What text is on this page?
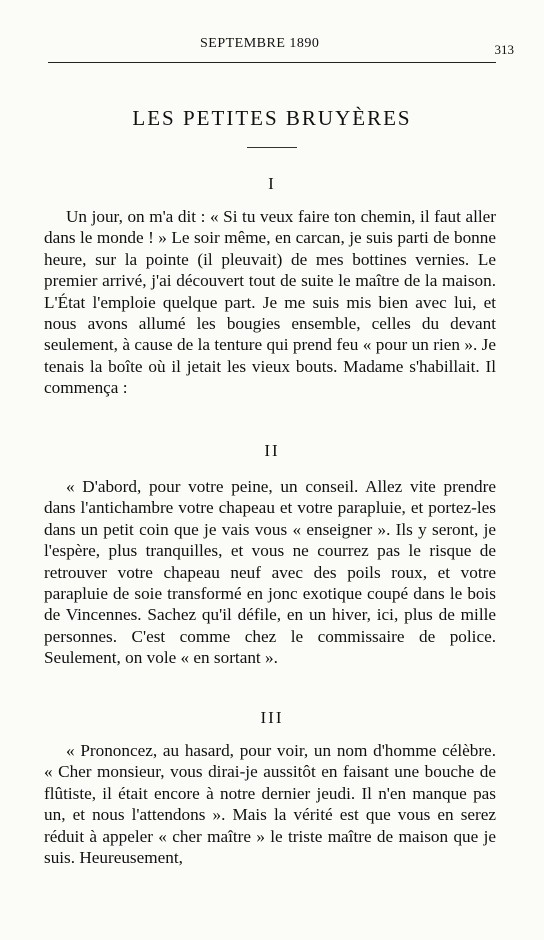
SEPTEMBRE 1890	313
LES PETITES BRUYÈRES
I

Un jour, on m'a dit : « Si tu veux faire ton chemin, il faut aller dans le monde ! » Le soir même, en carcan, je suis parti de bonne heure, sur la pointe (il pleuvait) de mes bottines vernies. Le premier arrivé, j'ai découvert tout de suite le maître de la maison. L'État l'emploie quelque part. Je me suis mis bien avec lui, et nous avons allumé les bougies ensemble, celles du devant seulement, à cause de la tenture qui prend feu « pour un rien ». Je tenais la boîte où il jetait les vieux bouts. Madame s'habillait. Il commença :

II

« D'abord, pour votre peine, un conseil. Allez vite prendre dans l'antichambre votre chapeau et votre parapluie, et portez-les dans un petit coin que je vais vous « enseigner ». Ils y seront, je l'espère, plus tranquilles, et vous ne courrez pas le risque de retrouver votre chapeau neuf avec des poils roux, et votre parapluie de soie transformé en jonc exotique coupé dans le bois de Vincennes. Sachez qu'il défile, en un hiver, ici, plus de mille personnes. C'est comme chez le commissaire de police. Seulement, on vole « en sortant ».

III

« Prononcez, au hasard, pour voir, un nom d'homme célèbre. « Cher monsieur, vous dirai-je aussitôt en faisant une bouche de flûtiste, il était encore à notre dernier jeudi. Il n'en manque pas un, et nous l'attendons ». Mais la vérité est que vous en serez réduit à appeler « cher maître » le triste maître de maison que je suis. Heureusement,
